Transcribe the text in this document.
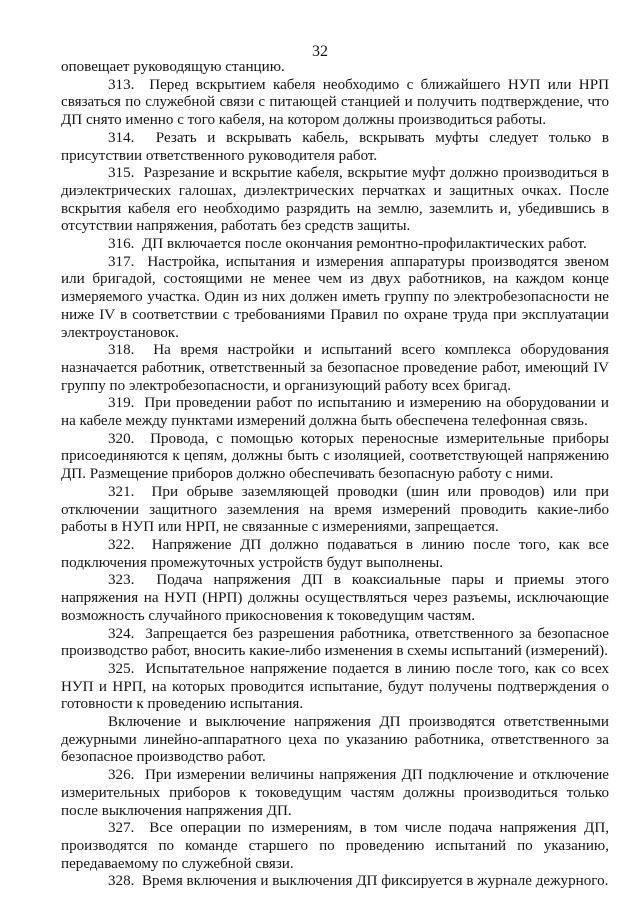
32

оповещает руководящую станцию.

313. Перед вскрытием кабеля необходимо с ближайшего НУП или НРП связаться по служебной связи с питающей станцией и получить подтверждение, что ДП снято именно с того кабеля, на котором должны производиться работы.

314. Резать и вскрывать кабель, вскрывать муфты следует только в присутствии ответственного руководителя работ.

315. Разрезание и вскрытие кабеля, вскрытие муфт должно производиться в диэлектрических галошах, диэлектрических перчатках и защитных очках. После вскрытия кабеля его необходимо разрядить на землю, заземлить и, убедившись в отсутствии напряжения, работать без средств защиты.

316. ДП включается после окончания ремонтно-профилактических работ.

317. Настройка, испытания и измерения аппаратуры производятся звеном или бригадой, состоящими не менее чем из двух работников, на каждом конце измеряемого участка. Один из них должен иметь группу по электробезопасности не ниже IV в соответствии с требованиями Правил по охране труда при эксплуатации электроустановок.

318. На время настройки и испытаний всего комплекса оборудования назначается работник, ответственный за безопасное проведение работ, имеющий IV группу по электробезопасности, и организующий работу всех бригад.

319. При проведении работ по испытанию и измерению на оборудовании и на кабеле между пунктами измерений должна быть обеспечена телефонная связь.

320. Провода, с помощью которых переносные измерительные приборы присоединяются к цепям, должны быть с изоляцией, соответствующей напряжению ДП. Размещение приборов должно обеспечивать безопасную работу с ними.

321. При обрыве заземляющей проводки (шин или проводов) или при отключении защитного заземления на время измерений проводить какие-либо работы в НУП или НРП, не связанные с измерениями, запрещается.

322. Напряжение ДП должно подаваться в линию после того, как все подключения промежуточных устройств будут выполнены.

323. Подача напряжения ДП в коаксиальные пары и приемы этого напряжения на НУП (НРП) должны осуществляться через разъемы, исключающие возможность случайного прикосновения к токоведущим частям.

324. Запрещается без разрешения работника, ответственного за безопасное производство работ, вносить какие-либо изменения в схемы испытаний (измерений).

325. Испытательное напряжение подается в линию после того, как со всех НУП и НРП, на которых проводится испытание, будут получены подтверждения о готовности к проведению испытания.

Включение и выключение напряжения ДП производятся ответственными дежурными линейно-аппаратного цеха по указанию работника, ответственного за безопасное производство работ.

326. При измерении величины напряжения ДП подключение и отключение измерительных приборов к токоведущим частям должны производиться только после выключения напряжения ДП.

327. Все операции по измерениям, в том числе подача напряжения ДП, производятся по команде старшего по проведению испытаний по указанию, передаваемому по служебной связи.

328. Время включения и выключения ДП фиксируется в журнале дежурного.
